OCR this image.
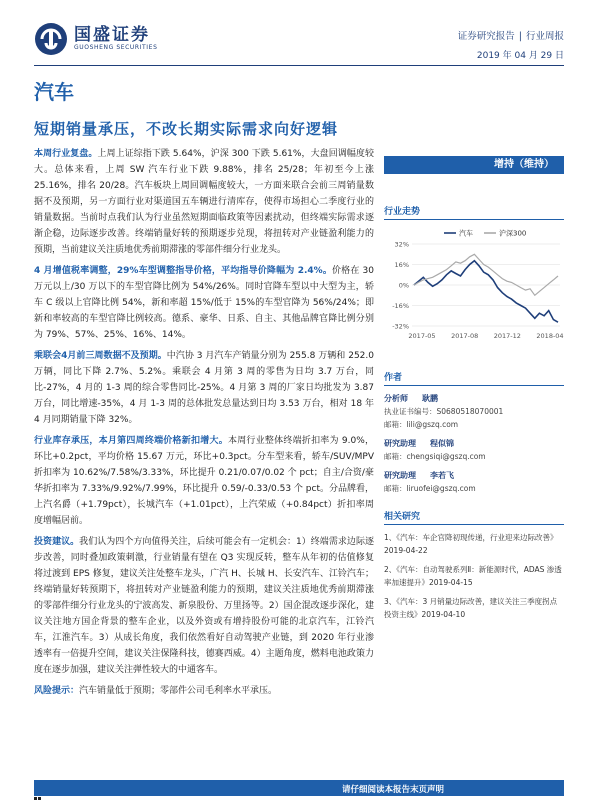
国盛证券
GUOSHENG SECURITIES
证券研究报告 | 行业周报
2019 年 04 月 29 日
汽车
短期销量承压，不改长期实际需求向好逻辑

本周行业复盘。上周上证综指下跌 5.64%，沪深 300 下跌 5.61%，大盘回调幅度较大。总体来看，上周 SW 汽车行业下跌 9.88%，排名 25/28；年初至今上涨 25.16%，排名 20/28。汽车板块上周回调幅度较大，一方面来联合会前三周销量数据不及预期，另一方面行业对渠道国五车辆进行清库存，使得市场担心二季度行业的销量数据。当前时点我们认为行业虽然短期面临政策等因素扰动，但终端实际需求逐渐企稳，边际逐步改善。终端销量好转的预期逐步兑现，将扭转对产业链盈利能力的预期，当前建议关注质地优秀前期滞涨的零部件细分行业龙头。

4 月增值税率调整，29%车型调整指导价格，平均指导价降幅为 2.4%。价格在 30 万元以上/30 万以下的车型官降比例为 54%/26%。同时官降车型以中大型为主，轿车 C 级以上官降比例 54%，新和率超 15%/低于 15%的车型官降为 56%/24%；即新和率较高的车型官降比例较高。德系、豪华、日系、自主、其他品牌官降比例分别为 79%、57%、25%、16%、14%。

乘联会4月前三周数据不及预期。中汽协 3 月汽车产销量分别为 255.8 万辆和 252.0 万辆，同比下降 2.7%、5.2%。乘联会 4 月第 3 周的零售为日均 3.7 万台，同比-27%，4 月的 1-3 周的综合零售同比-25%。4 月第 3 周的厂家日均批发为 3.87 万台，同比增速-35%，4 月 1-3 周的总体批发总量达到日均 3.53 万台，相对 18 年 4 月同期销量下降 32%。

行业库存承压，本月第四周终端价格新扣增大。本周行业整体终端折扣率为 9.0%，环比+0.2pct，平均价格 15.67 万元，环比+0.3pct。分车型来看，轿车/SUV/MPV 折扣率为 10.62%/7.58%/3.33%，环比提升 0.21/0.07/0.02 个 pct；自主/合资/豪华折扣率为 7.33%/9.92%/7.99%，环比提升 0.59/-0.33/0.53 个 pct。分品牌看，上汽名爵（+1.79pct），长城汽车（+1.01pct），上汽荣威（+0.84pct）折扣率周度增幅居前。

投资建议。我们认为四个方向值得关注，后续可能会有一定机会：1）终端需求边际逐步改善，同时叠加政策刺激，行业销量有望在 Q3 实现反转，整车从年初的估值修复将过渡到 EPS 修复，建议关注处整车龙头，广汽 H、长城 H、长安汽车、江铃汽车；终端销量好转预期下，将扭转对产业链盈利能力的预期，建议关注质地优秀前期滞涨的零部件细分行业龙头的宁波高发、新泉股份、万里扬等。2）国企混改逐步深化，建议关注地方国企背景的整车企业，以及外资或有增持股份可能的北京汽车，江铃汽车，江淮汽车。3）从成长角度，我们依然看好自动驾驶产业链，到 2020 年行业渗透率有一倍提升空间，建议关注保隆科技，德赛西威。4）主题角度，燃料电池政策力度在逐步加强，建议关注弹性较大的中通客车。

风险提示：汽车销量低于预期；零部件公司毛利率水平承压。

增持（维持）
行业走势
32%
16%
0%
-16%
-32%
2017-05 2017-08 2017-12 2018-04
汽车	沪深300
作者
分析师 耿鹏
执业证书编号：S0680518070001
邮箱：lili@gszq.com
研究助理 程似锦
邮箱：chengsiqi@gszq.com
研究助理 李若飞
邮箱：liruofei@gszq.com
相关研究
1、《汽车：车企官降初现传递，行业迎来边际改善》2019-04-22
2、《汽车：自动驾驶系列Ⅱ：新能源时代，ADAS 渗透率加速提升》2019-04-15
3、《汽车：3 月销量边际改善，建议关注三季度拐点投资主线》2019-04-10
请仔细阅读本报告末页声明
